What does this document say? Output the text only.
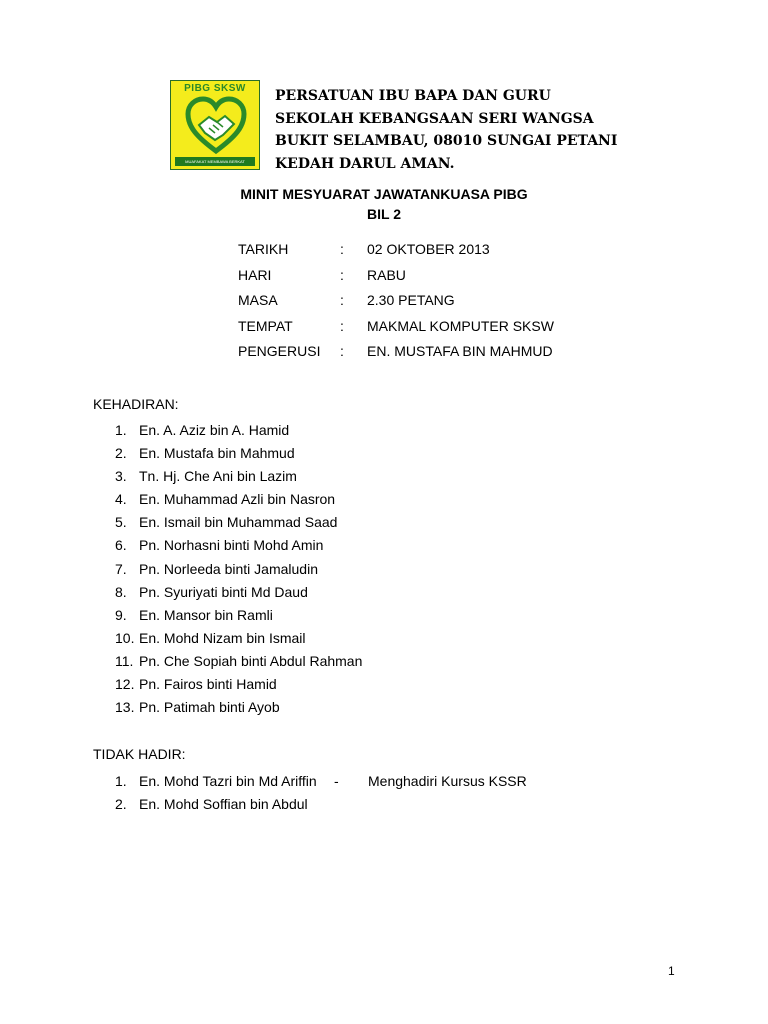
PIBG SKSW
MUAFAKAT MEMBAWA BERKAT
PERSATUAN IBU BAPA DAN GURU
SEKOLAH KEBANGSAAN SERI WANGSA
BUKIT SELAMBAU, 08010 SUNGAI PETANI
KEDAH DARUL AMAN.
MINIT MESYUARAT JAWATANKUASA PIBG
BIL 2
TARIKH	: 02 OKTOBER 2013
HARI	: RABU
MASA	: 2.30 PETANG
TEMPAT	: MAKMAL KOMPUTER SKSW
PENGERUSI : EN. MUSTAFA BIN MAHMUD
KEHADIRAN:
1. En. A. Aziz bin A. Hamid
2. En. Mustafa bin Mahmud
3. Tn. Hj. Che Ani bin Lazim
4. En. Muhammad Azli bin Nasron
5. En. Ismail bin Muhammad Saad
6. Pn. Norhasni binti Mohd Amin
7. Pn. Norleeda binti Jamaludin
8. Pn. Syuriyati binti Md Daud
9. En. Mansor bin Ramli
10. En. Mohd Nizam bin Ismail
11. Pn. Che Sopiah binti Abdul Rahman
12. Pn. Fairos binti Hamid
13. Pn. Patimah binti Ayob
TIDAK HADIR:
1. En. Mohd Tazri bin Md Ariffin - Menghadiri Kursus KSSR
2. En. Mohd Soffian bin Abdul
1
